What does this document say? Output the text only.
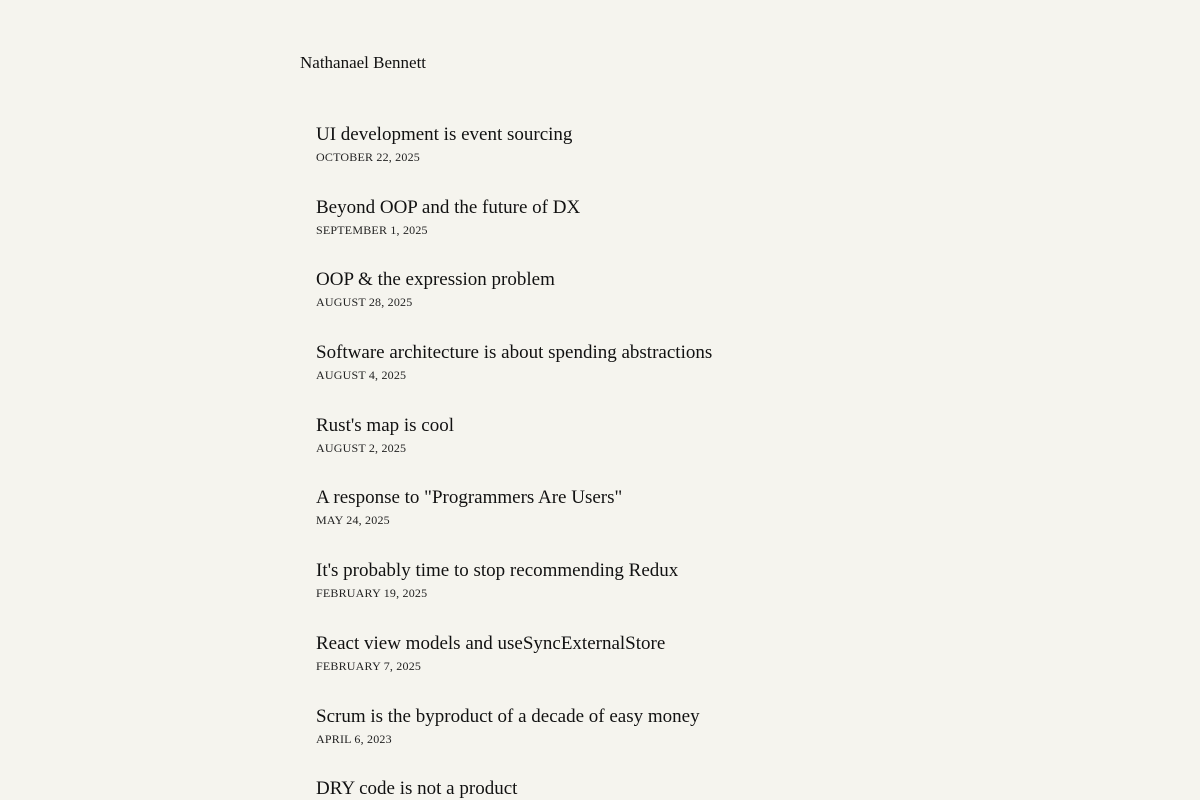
Nathanael Bennett
UI development is event sourcing
OCTOBER 22, 2025
Beyond OOP and the future of DX
SEPTEMBER 1, 2025
OOP & the expression problem
AUGUST 28, 2025
Software architecture is about spending abstractions
AUGUST 4, 2025
Rust's map is cool
AUGUST 2, 2025
A response to "Programmers Are Users"
MAY 24, 2025
It's probably time to stop recommending Redux
FEBRUARY 19, 2025
React view models and useSyncExternalStore
FEBRUARY 7, 2025
Scrum is the byproduct of a decade of easy money
APRIL 6, 2023
DRY code is not a product
